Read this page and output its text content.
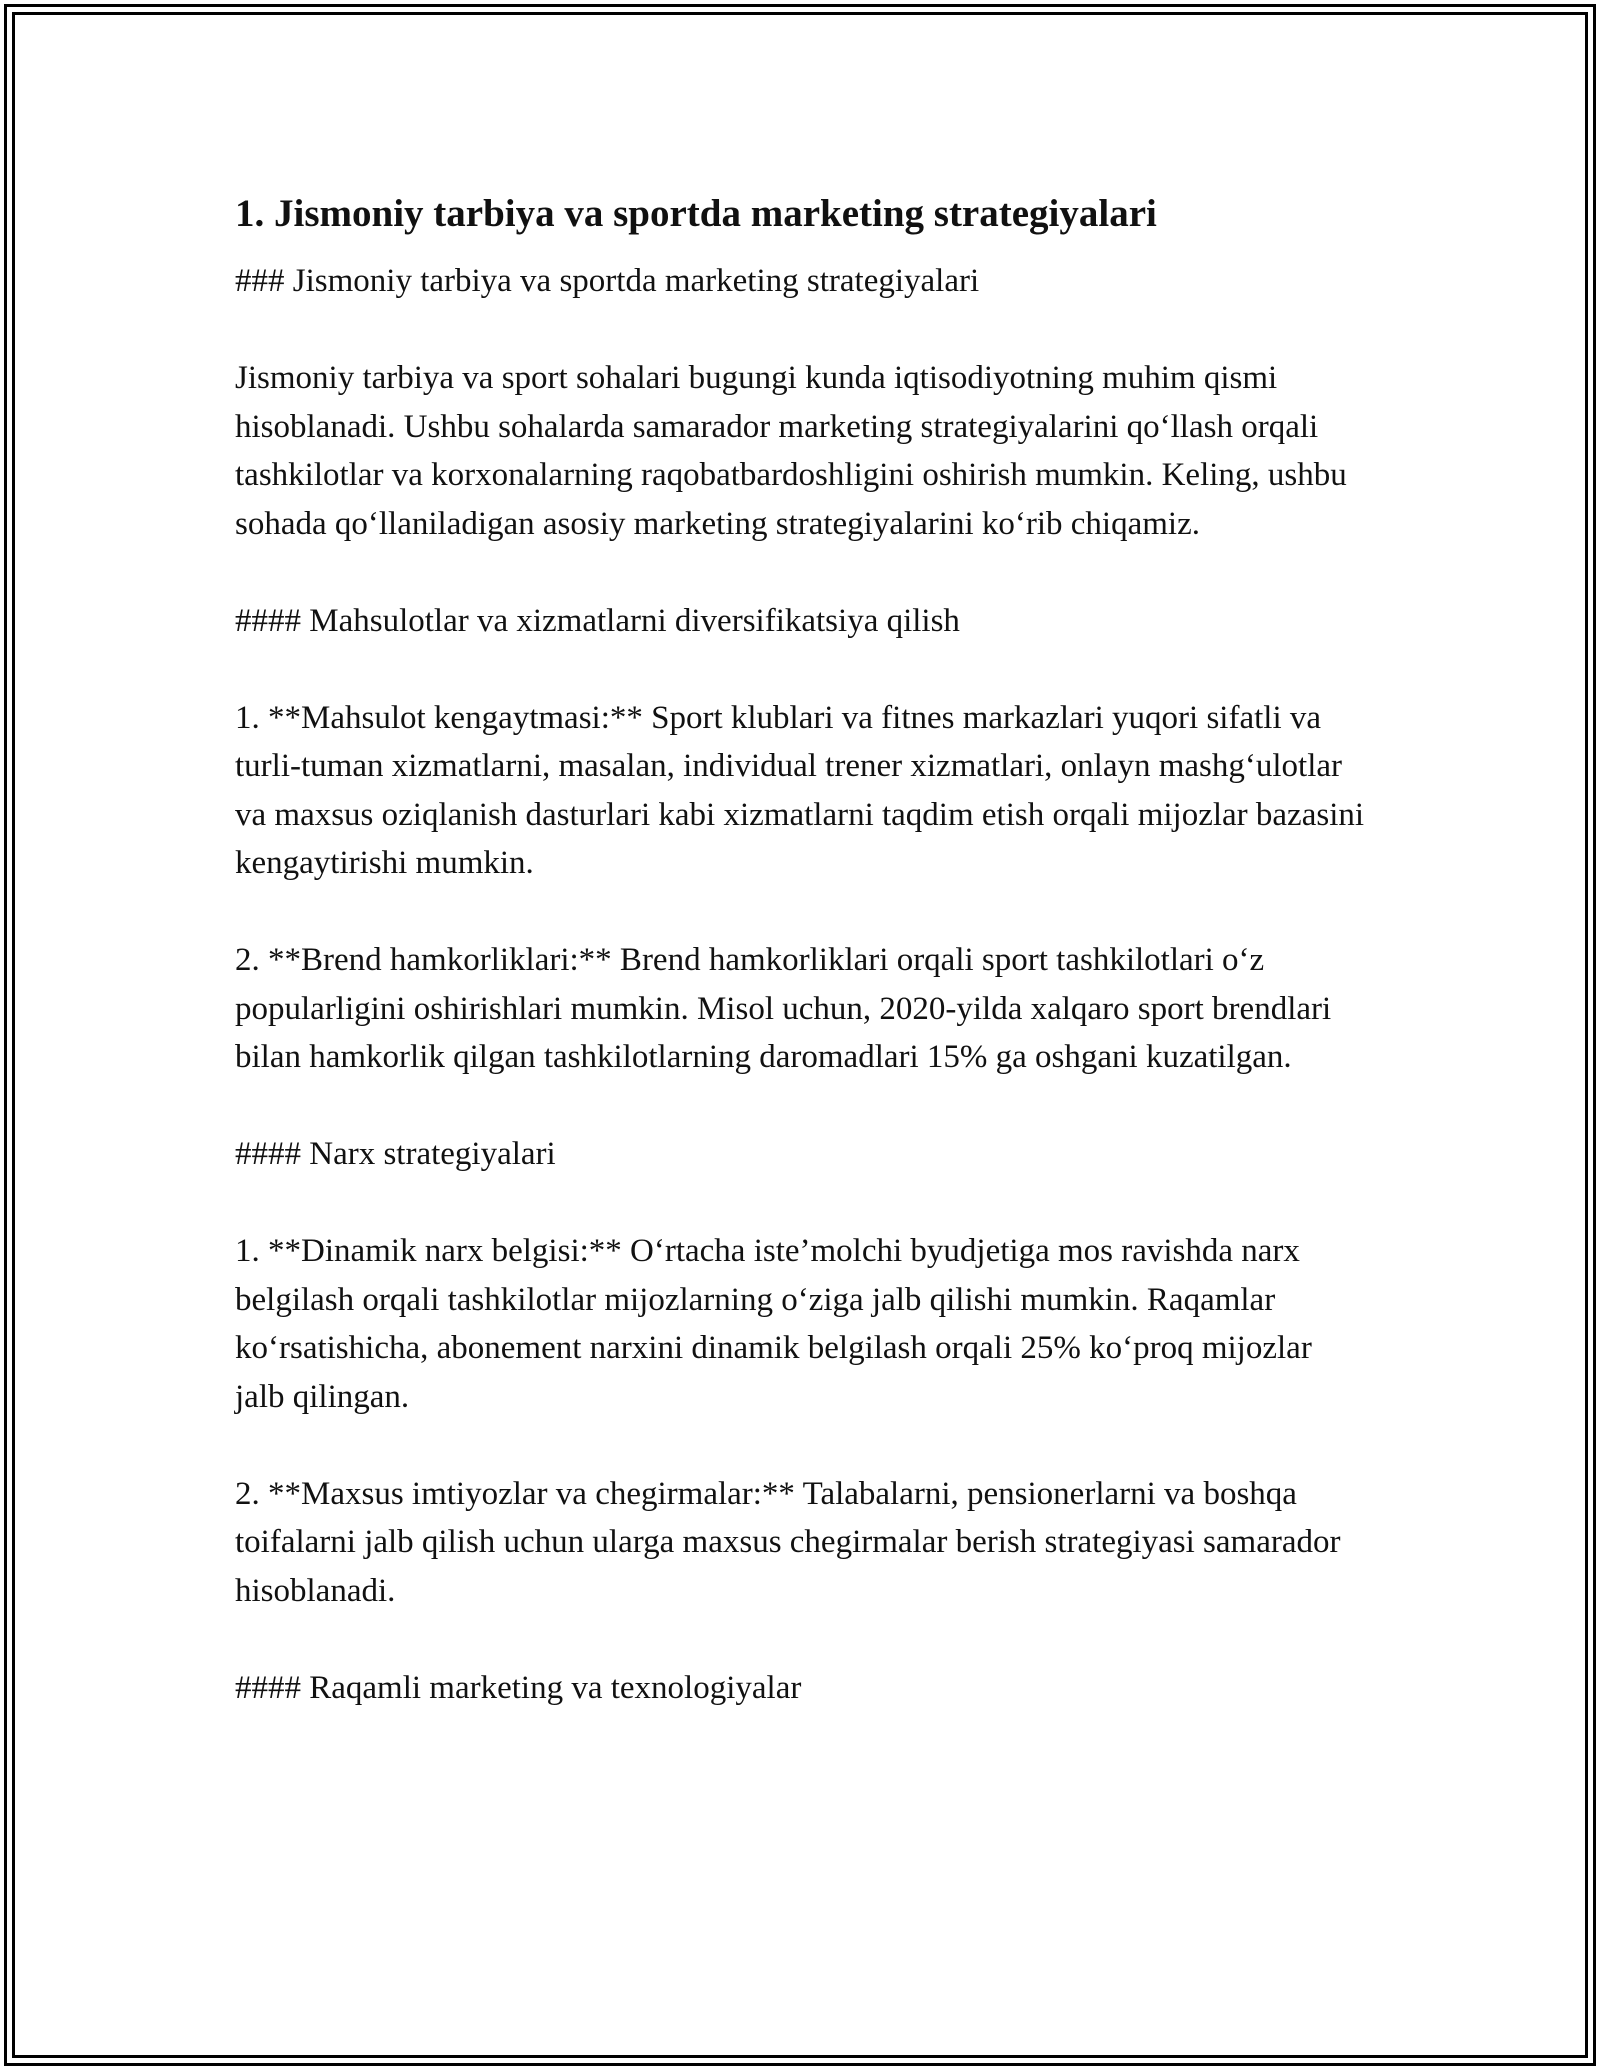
1. Jismoniy tarbiya va sportda marketing strategiyalari

### Jismoniy tarbiya va sportda marketing strategiyalari

Jismoniy tarbiya va sport sohalari bugungi kunda iqtisodiyotning muhim qismi hisoblanadi. Ushbu sohalarda samarador marketing strategiyalarini qo‘llash orqali tashkilotlar va korxonalarning raqobatbardoshligini oshirish mumkin. Keling, ushbu sohada qo‘llaniladigan asosiy marketing strategiyalarini ko‘rib chiqamiz.

#### Mahsulotlar va xizmatlarni diversifikatsiya qilish

1. **Mahsulot kengaytmasi:** Sport klublari va fitnes markazlari yuqori sifatli va turli-tuman xizmatlarni, masalan, individual trener xizmatlari, onlayn mashg‘ulotlar va maxsus oziqlanish dasturlari kabi xizmatlarni taqdim etish orqali mijozlar bazasini kengaytirishi mumkin.

2. **Brend hamkorliklari:** Brend hamkorliklari orqali sport tashkilotlari o‘z popularligini oshirishlari mumkin. Misol uchun, 2020-yilda xalqaro sport brendlari bilan hamkorlik qilgan tashkilotlarning daromadlari 15% ga oshgani kuzatilgan.

#### Narx strategiyalari

1. **Dinamik narx belgisi:** O‘rtacha iste’molchi byudjetiga mos ravishda narx belgilash orqali tashkilotlar mijozlarning o‘ziga jalb qilishi mumkin. Raqamlar ko‘rsatishicha, abonement narxini dinamik belgilash orqali 25% ko‘proq mijozlar jalb qilingan.

2. **Maxsus imtiyozlar va chegirmalar:** Talabalarni, pensionerlarni va boshqa toifalarni jalb qilish uchun ularga maxsus chegirmalar berish strategiyasi samarador hisoblanadi.

#### Raqamli marketing va texnologiyalar
